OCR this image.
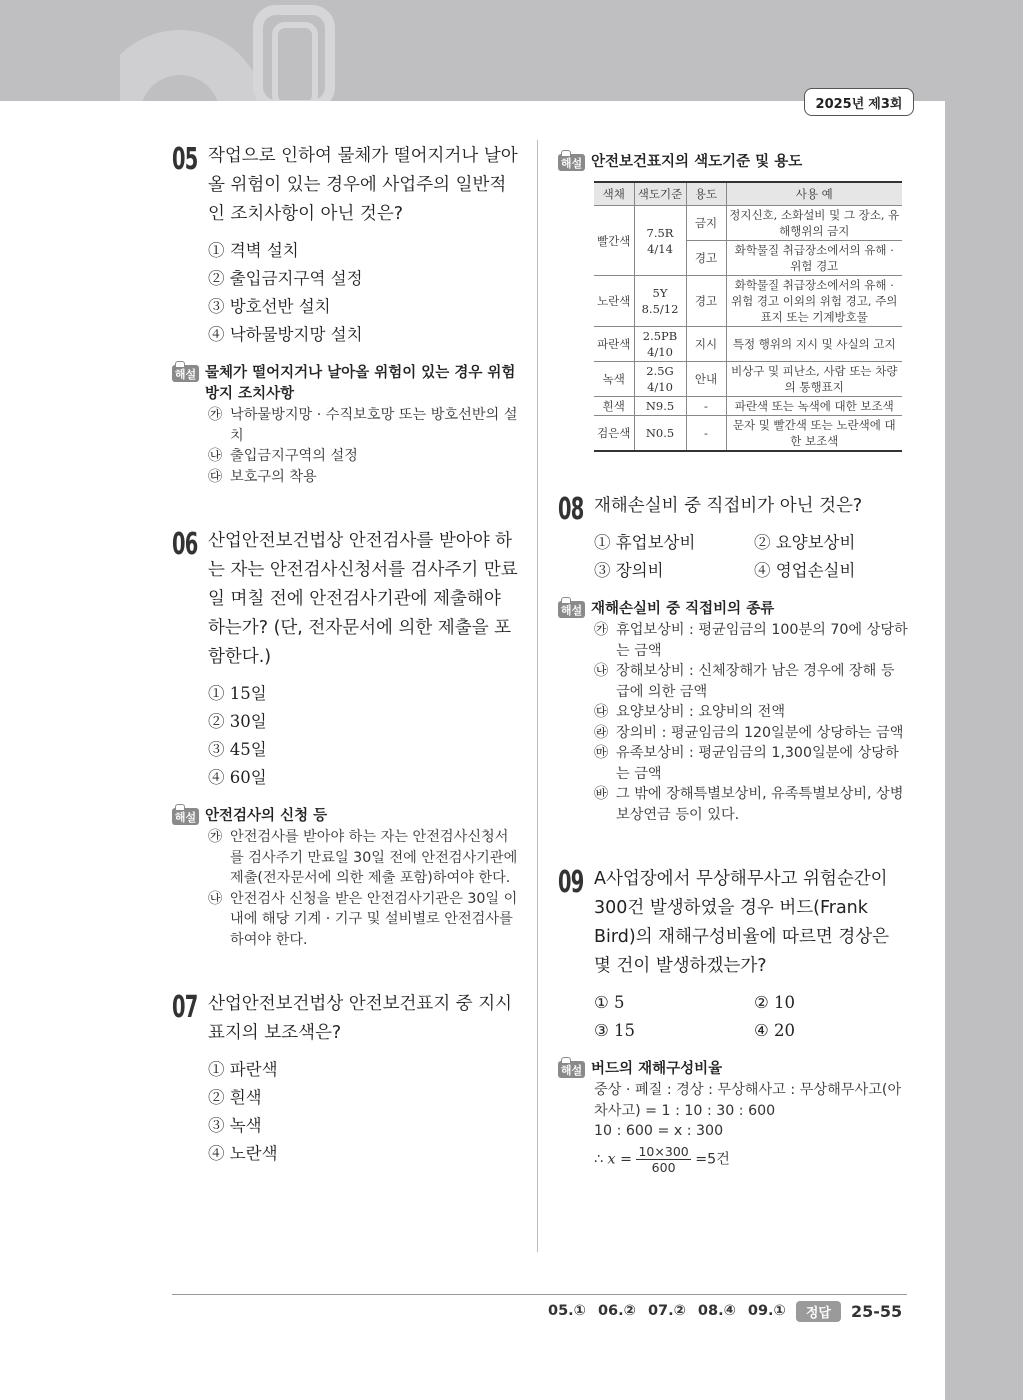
2025년 제3회
05 작업으로 인하여 물체가 떨어지거나 날아올 위험이 있는 경우에 사업주의 일반적인 조치사항이 아닌 것은?
① 격벽 설치
② 출입금지구역 설정
③ 방호선반 설치
④ 낙하물방지망 설치
해설 물체가 떨어지거나 날아올 위험이 있는 경우 위험방지 조치사항
㉮ 낙하물방지망 · 수직보호망 또는 방호선반의 설치
㉯ 출입금지구역의 설정
㉰ 보호구의 착용
06 산업안전보건법상 안전검사를 받아야 하는 자는 안전검사신청서를 검사주기 만료일 며칠 전에 안전검사기관에 제출해야 하는가? (단, 전자문서에 의한 제출을 포함한다.)
① 15일
② 30일
③ 45일
④ 60일
해설 안전검사의 신청 등
㉮ 안전검사를 받아야 하는 자는 안전검사신청서를 검사주기 만료일 30일 전에 안전검사기관에 제출(전자문서에 의한 제출 포함)하여야 한다.
㉯ 안전검사 신청을 받은 안전검사기관은 30일 이내에 해당 기계 · 기구 및 설비별로 안전검사를 하여야 한다.
07 산업안전보건법상 안전보건표지 중 지시표지의 보조색은?
① 파란색
② 흰색
③ 녹색
④ 노란색
해설 안전보건표지의 색도기준 및 용도
색채	색도기준	용도	사용 예
빨간색	7.5R 4/14	금지	정지신호, 소화설비 및 그 장소, 유해행위의 금지
		경고	화학물질 취급장소에서의 유해 · 위험 경고
노란색	5Y 8.5/12	경고	화학물질 취급장소에서의 유해 · 위험 경고 이외의 위험 경고, 주의표지 또는 기계방호물
파란색	2.5PB 4/10	지시	특정 행위의 지시 및 사실의 고지
녹색	2.5G 4/10	안내	비상구 및 피난소, 사람 또는 차량의 통행표지
흰색	N9.5	-	파란색 또는 녹색에 대한 보조색
검은색	N0.5	-	문자 및 빨간색 또는 노란색에 대한 보조색
08 재해손실비 중 직접비가 아닌 것은?
① 휴업보상비	② 요양보상비
③ 장의비	④ 영업손실비
해설 재해손실비 중 직접비의 종류
㉮ 휴업보상비 : 평균임금의 100분의 70에 상당하는 금액
㉯ 장해보상비 : 신체장해가 남은 경우에 장해 등급에 의한 금액
㉰ 요양보상비 : 요양비의 전액
㉱ 장의비 : 평균임금의 120일분에 상당하는 금액
㉲ 유족보상비 : 평균임금의 1,300일분에 상당하는 금액
㉳ 그 밖에 장해특별보상비, 유족특별보상비, 상병보상연금 등이 있다.
09 A사업장에서 무상해무사고 위험순간이 300건 발생하였을 경우 버드(Frank Bird)의 재해구성비율에 따르면 경상은 몇 건이 발생하겠는가?
① 5	② 10
③ 15	④ 20
해설 버드의 재해구성비율
중상 · 폐질 : 경상 : 무상해사고 : 무상해무사고(아차사고) = 1 : 10 : 30 : 600
10 : 600 = x : 300
∴ $x = \frac{10\times 300}{600} =5$건
05.① 06.② 07.② 08.④ 09.①	정답	25-55
